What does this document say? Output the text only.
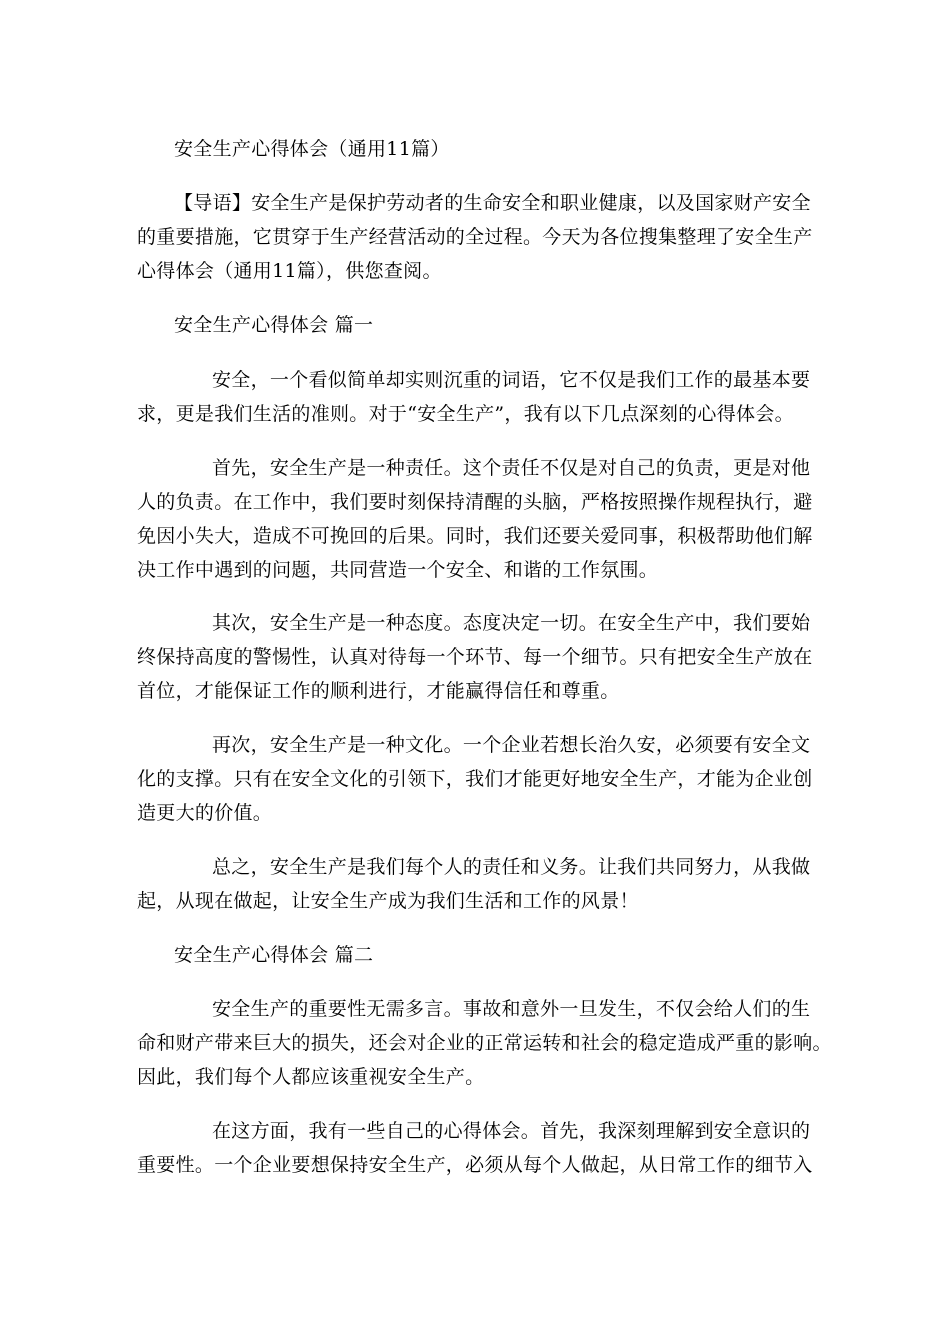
安全生产心得体会（通用11篇）
【导语】安全生产是保护劳动者的生命安全和职业健康，以及国家财产安全
的重要措施，它贯穿于生产经营活动的全过程。今天为各位搜集整理了安全生产
心得体会（通用11篇），供您查阅。
安全生产心得体会 篇一
安全，一个看似简单却实则沉重的词语，它不仅是我们工作的最基本要
求，更是我们生活的准则。对于“安全生产”，我有以下几点深刻的心得体会。
首先，安全生产是一种责任。这个责任不仅是对自己的负责，更是对他
人的负责。在工作中，我们要时刻保持清醒的头脑，严格按照操作规程执行，避
免因小失大，造成不可挽回的后果。同时，我们还要关爱同事，积极帮助他们解
决工作中遇到的问题，共同营造一个安全、和谐的工作氛围。
其次，安全生产是一种态度。态度决定一切。在安全生产中，我们要始
终保持高度的警惕性，认真对待每一个环节、每一个细节。只有把安全生产放在
首位，才能保证工作的顺利进行，才能赢得信任和尊重。
再次，安全生产是一种文化。一个企业若想长治久安，必须要有安全文
化的支撑。只有在安全文化的引领下，我们才能更好地安全生产，才能为企业创
造更大的价值。
总之，安全生产是我们每个人的责任和义务。让我们共同努力，从我做
起，从现在做起，让安全生产成为我们生活和工作的风景！
安全生产心得体会 篇二
安全生产的重要性无需多言。事故和意外一旦发生，不仅会给人们的生
命和财产带来巨大的损失，还会对企业的正常运转和社会的稳定造成严重的影响。
因此，我们每个人都应该重视安全生产。
在这方面，我有一些自己的心得体会。首先，我深刻理解到安全意识的
重要性。一个企业要想保持安全生产，必须从每个人做起，从日常工作的细节入
